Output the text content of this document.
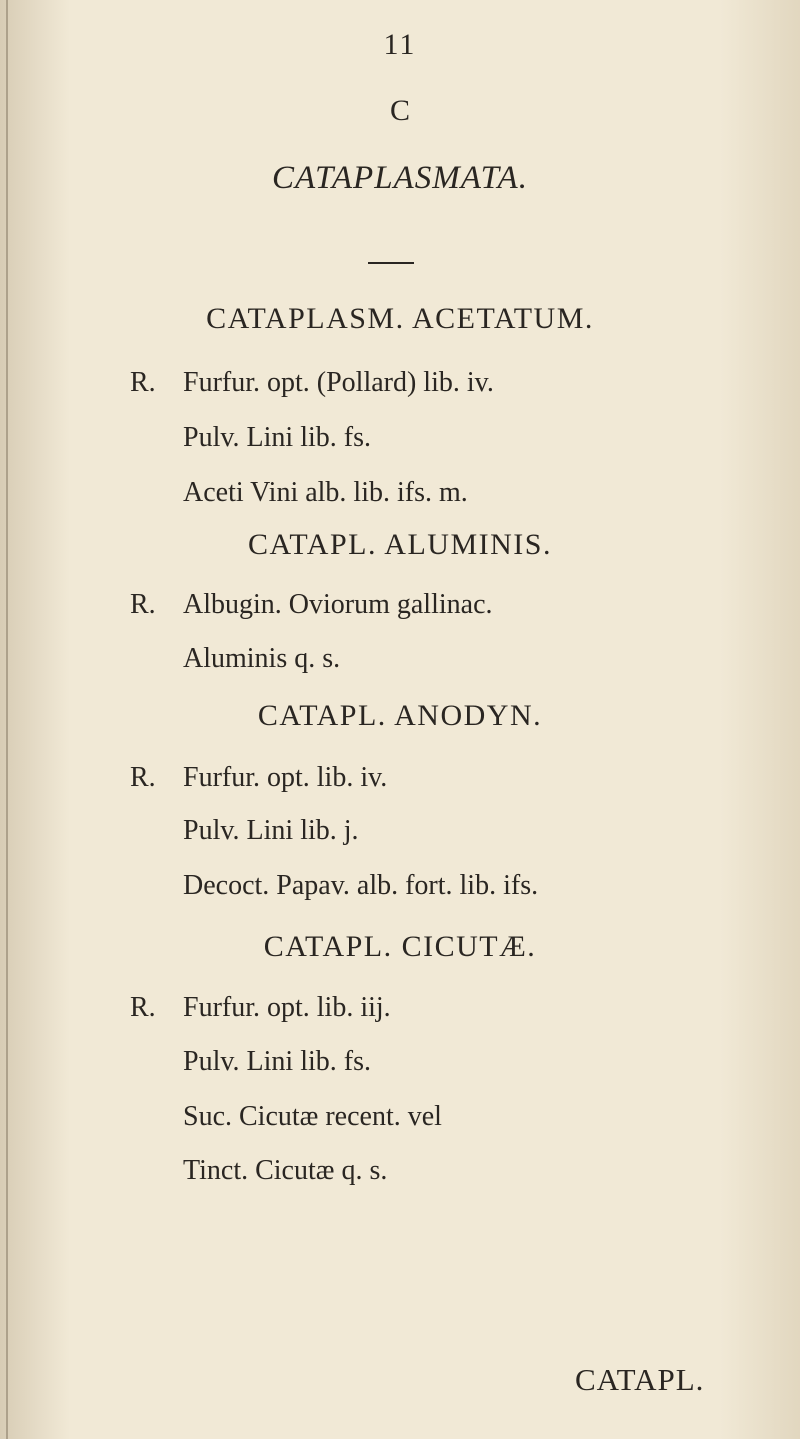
11
C
CATAPLASMATA.
CATAPLASM. ACETATUM.
R. Furfur. opt. (Pollard) lib. iv.
Pulv. Lini lib. fs.
Aceti Vini alb. lib. ifs. m.
CATAPL. ALUMINIS.
R. Albugin. Oviorum gallinac.
Aluminis q. s.
CATAPL. ANODYN.
R. Furfur. opt. lib. iv.
Pulv. Lini lib. j.
Decoct. Papav. alb. fort. lib. ifs.
CATAPL. CICUTÆ.
R. Furfur. opt. lib. iij.
Pulv. Lini lib. fs.
Suc. Cicutæ recent. vel
Tinct. Cicutæ q. s.
CATAPL.
